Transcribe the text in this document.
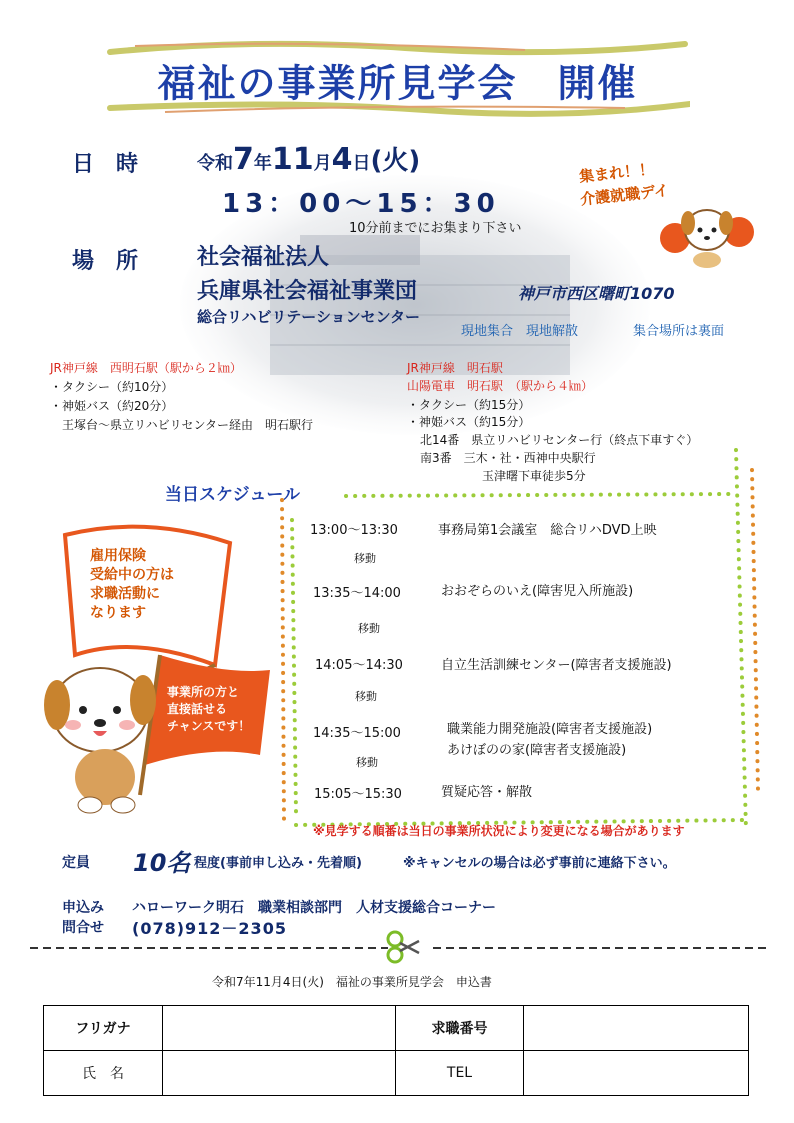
福祉の事業所見学会　開催
日　時	令和7年11月4日(火)
13：00～15：30
10分前までにお集まり下さい
集まれ！！
介護就職デイ
場　所	社会福祉法人
兵庫県社会福祉事業団
総合リハビリテーションセンター
神戸市西区曙町1070
現地集合　現地解散	集合場所は裏面
JR神戸線　西明石駅（駅から２㎞）
・タクシー（約10分）
・神姫バス（約20分）
王塚台～県立リハビリセンター経由　明石駅行
JR神戸線　明石駅
山陽電車　明石駅　（駅から４㎞）
・タクシー（約15分）
・神姫バス（約15分）
北14番　県立リハビリセンター行（終点下車すぐ）
南3番　三木・社・西神中央駅行
玉津曙下車徒歩5分
当日スケジュール
13:00～13:30	事務局第1会議室　総合リハDVD上映
移動
13:35～14:00	おおぞらのいえ(障害児入所施設)
移動
14:05～14:30	自立生活訓練センター(障害者支援施設)
移動
14:35～15:00	職業能力開発施設(障害者支援施設)
あけぼのの家(障害者支援施設)
移動
15:05～15:30	質疑応答・解散
※見学する順番は当日の事業所状況により変更になる場合があります
雇用保険
受給中の方は
求職活動に
なります
事業所の方と
直接話せる
チャンスです！
定員 10名 程度(事前申し込み・先着順)	※キャンセルの場合は必ず事前に連絡下さい。
申込み
問合せ
ハローワーク明石　職業相談部門　人材支援総合コーナー
(078)912－2305
令和7年11月4日(火)　福祉の事業所見学会　申込書
フリガナ		求職番号	
氏　名		TEL	
